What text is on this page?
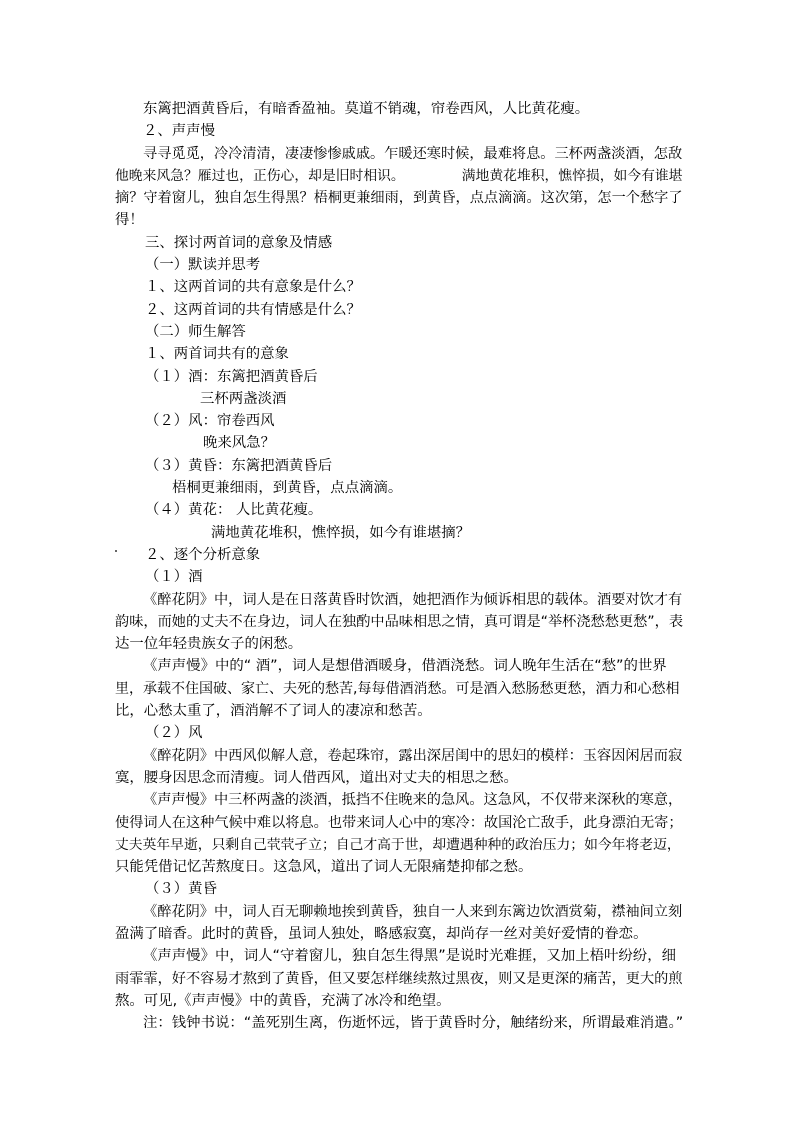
东篱把酒黄昏后，有暗香盈袖。莫道不销魂，帘卷西风，人比黄花瘦。
２、声声慢
寻寻觅觅，冷冷清清，凄凄惨惨戚戚。乍暖还寒时候，最难将息。三杯两盏淡酒，怎敌
他晚来风急？雁过也，正伤心，却是旧时相识。	满地黄花堆积，憔悴损，如今有谁堪
摘？守着窗儿，独自怎生得黑？梧桐更兼细雨，到黄昏，点点滴滴。这次第，怎一个愁字了
得！
三、探讨两首词的意象及情感
（一）默读并思考
１、这两首词的共有意象是什么？
２、这两首词的共有情感是什么？
（二）师生解答
１、两首词共有的意象
（１）酒：东篱把酒黄昏后
三杯两盏淡酒
（２）风：帘卷西风
晚来风急？
（３）黄昏：东篱把酒黄昏后
梧桐更兼细雨，到黄昏，点点滴滴。
（４）黄花： 人比黄花瘦。
满地黄花堆积，憔悴损，如今有谁堪摘？
２、逐个分析意象
（１）酒
《醉花阴》中，词人是在日落黄昏时饮酒，她把酒作为倾诉相思的载体。酒要对饮才有
韵味，而她的丈夫不在身边，词人在独酌中品味相思之情，真可谓是“举杯浇愁愁更愁”，表
达一位年轻贵族女子的闲愁。
《声声慢》中的“ 酒”，词人是想借酒暖身，借酒浇愁。词人晚年生活在“愁”的世界
里，承载不住国破、家亡、夫死的愁苦,每每借酒消愁。可是酒入愁肠愁更愁，酒力和心愁相
比，心愁太重了，酒消解不了词人的凄凉和愁苦。
（２）风
《醉花阴》中西风似解人意，卷起珠帘，露出深居闺中的思妇的模样：玉容因闲居而寂
寞，腰身因思念而清瘦。词人借西风，道出对丈夫的相思之愁。
《声声慢》中三杯两盏的淡酒，抵挡不住晚来的急风。这急风，不仅带来深秋的寒意，
使得词人在这种气候中难以将息。也带来词人心中的寒冷：故国沦亡敌手，此身漂泊无寄；
丈夫英年早逝，只剩自己茕茕孑立；自己才高于世，却遭遇种种的政治压力；如今年将老迈，
只能凭借记忆苦熬度日。这急风，道出了词人无限痛楚抑郁之愁。
（３）黄昏
《醉花阴》中，词人百无聊赖地挨到黄昏，独自一人来到东篱边饮酒赏菊，襟袖间立刻
盈满了暗香。此时的黄昏，虽词人独处，略感寂寞，却尚存一丝对美好爱情的眷恋。
《声声慢》中，词人“守着窗儿，独自怎生得黑”是说时光难捱，又加上梧叶纷纷，细
雨霏霏，好不容易才熬到了黄昏，但又要怎样继续熬过黑夜，则又是更深的痛苦，更大的煎
熬。可见,《声声慢》中的黄昏，充满了冰冷和绝望。
注：钱钟书说：“盖死别生离，伤逝怀远，皆于黄昏时分，触绪纷来，所谓最难消遣。”
